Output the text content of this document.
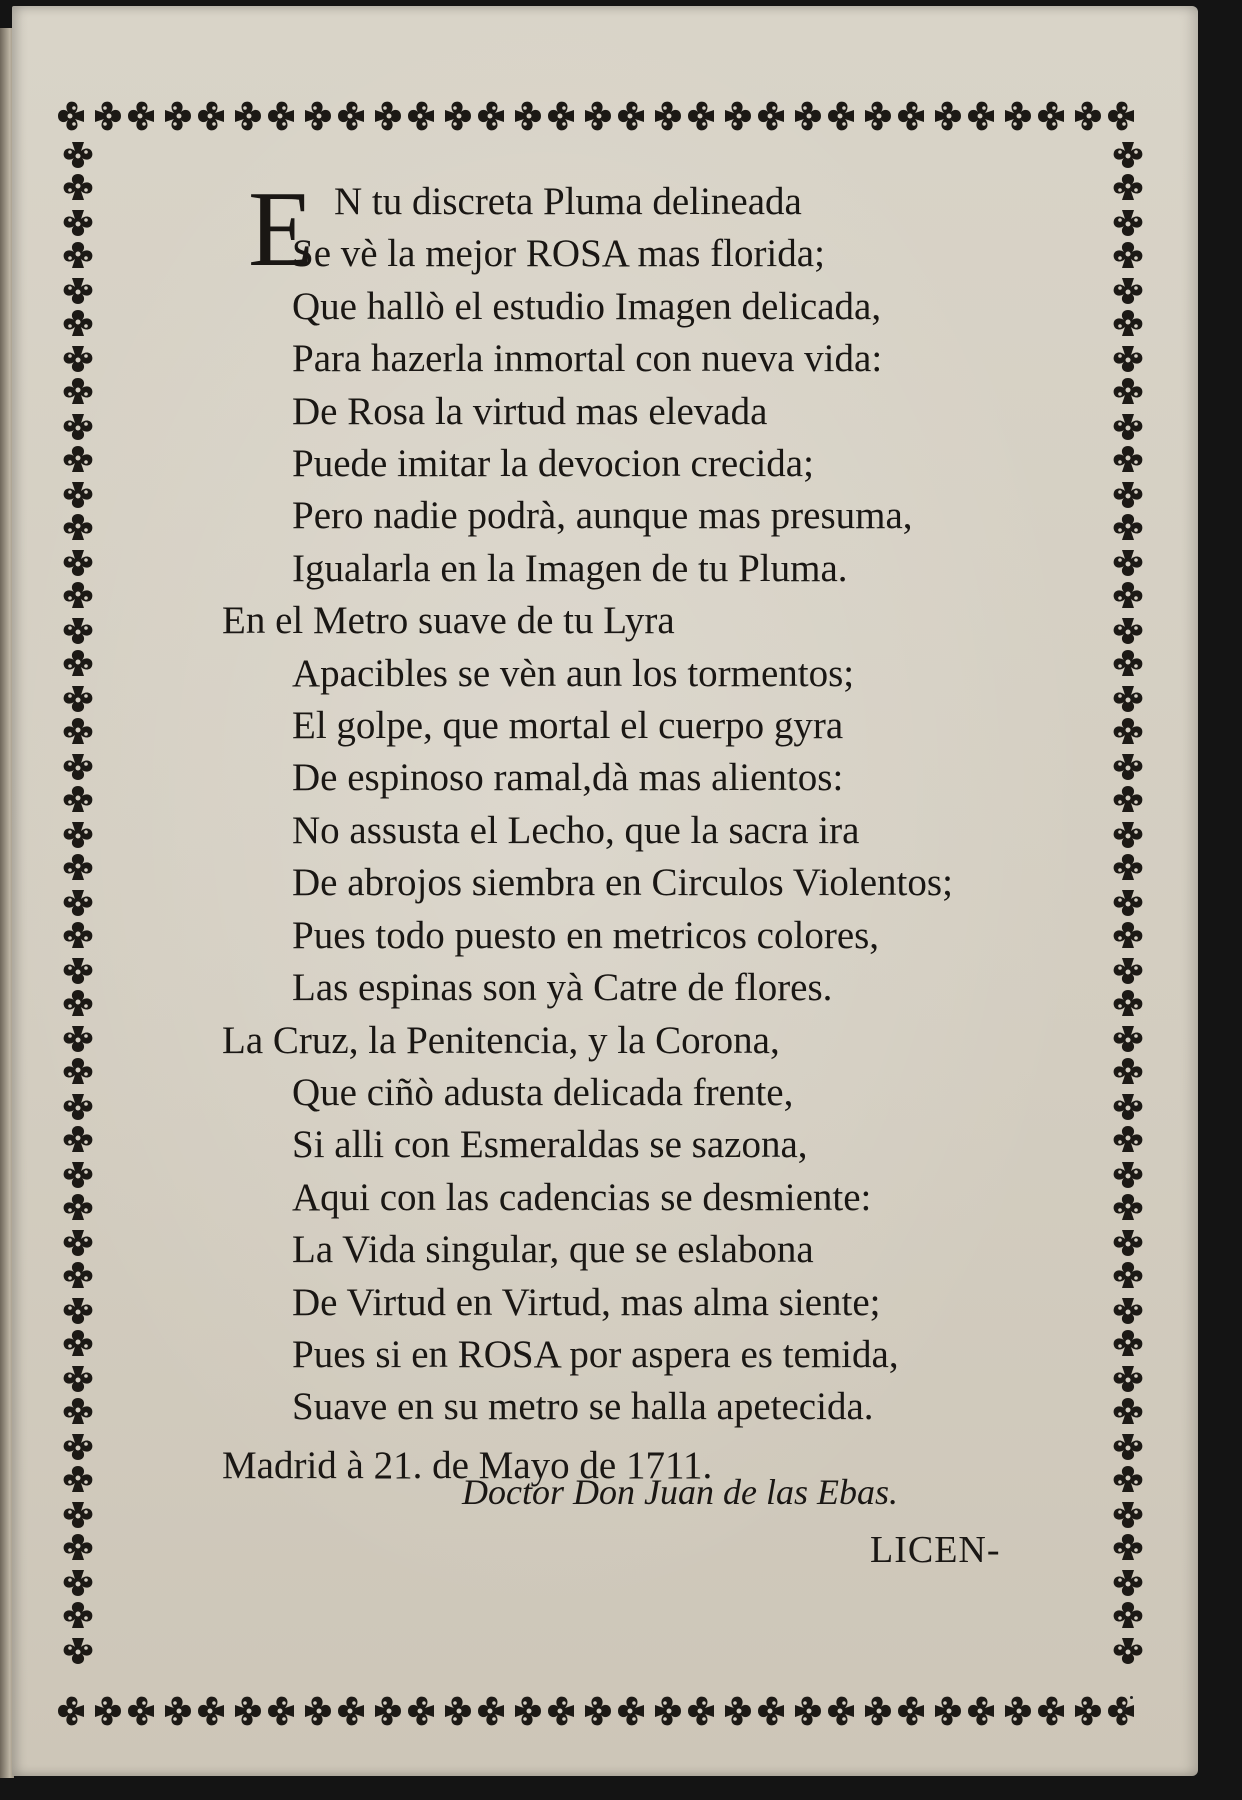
E N tu discreta Pluma delineada
Se vè la mejor ROSA mas florida;
Que hallò el estudio Imagen delicada,
Para hazerla inmortal con nueva vida:
De Rosa la virtud mas elevada
Puede imitar la devocion crecida;
Pero nadie podrà, aunque mas presuma,
Igualarla en la Imagen de tu Pluma.
En el Metro suave de tu Lyra
Apacibles se vèn aun los tormentos;
El golpe, que mortal el cuerpo gyra
De espinoso ramal,dà mas alientos:
No assusta el Lecho, que la sacra ira
De abrojos siembra en Circulos Violentos;
Pues todo puesto en metricos colores,
Las espinas son yà Catre de flores.
La Cruz, la Penitencia, y la Corona,
Que ciñò adusta delicada frente,
Si alli con Esmeraldas se sazona,
Aqui con las cadencias se desmiente:
La Vida singular, que se eslabona
De Virtud en Virtud, mas alma siente;
Pues si en ROSA por aspera es temida,
Suave en su metro se halla apetecida.
Madrid à 21. de Mayo de 1711.
Doctor Don Juan de las Ebas.
LICEN-
